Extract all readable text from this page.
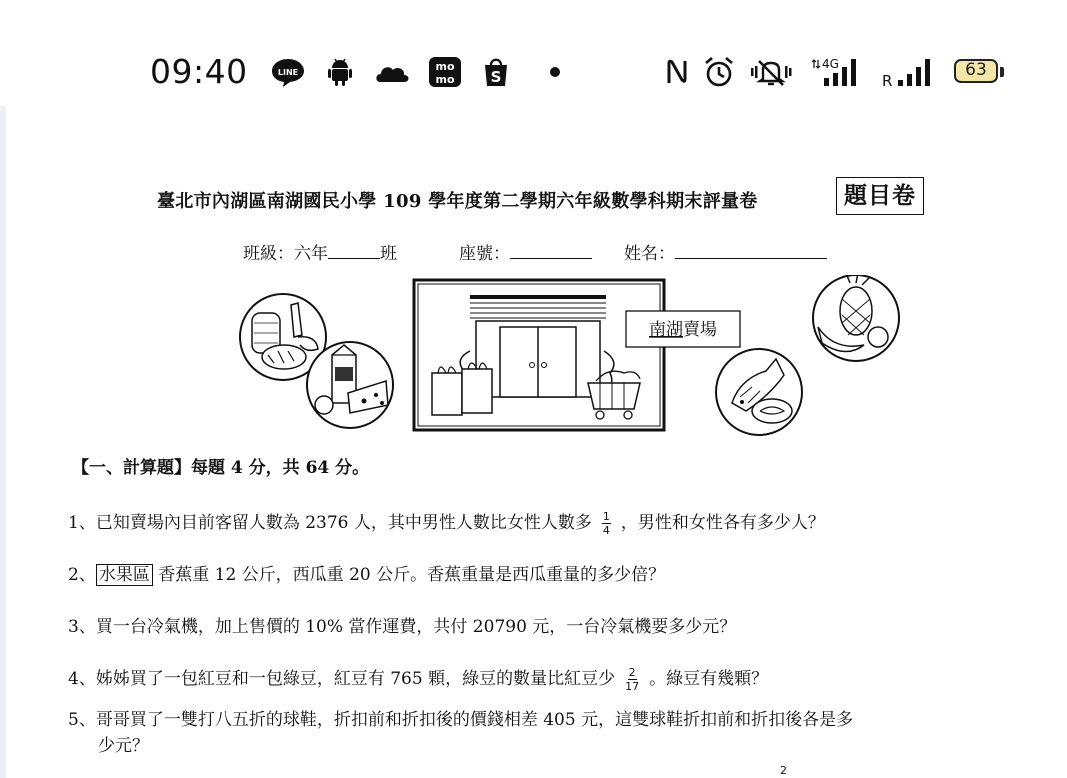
09:40	LINE	mo
mo S
4G
R
63
臺北市內湖區南湖國民小學 109 學年度第二學期六年級數學科期末評量卷	題目卷
班級：六年	班	座號：	姓名：
南湖賣場
【一、計算題】每題 4 分，共 64 分。
1、已知賣場內目前客留人數為 2376 人，其中男性人數比女性人數多 $\frac{1}{4}$ ，男性和女性各有多少人？
2、 水果區 香蕉重 12 公斤，西瓜重 20 公斤。香蕉重量是西瓜重量的多少倍？
3、買一台冷氣機，加上售價的 10% 當作運費，共付 20790 元，一台冷氣機要多少元？
4、姊姊買了一包紅豆和一包綠豆，紅豆有 765 顆，綠豆的數量比紅豆少 $\frac{2}{17}$ 。綠豆有幾顆？
5、哥哥買了一雙打八五折的球鞋，折扣前和折扣後的價錢相差 405 元，這雙球鞋折扣前和折扣後各是多
少元？
2
